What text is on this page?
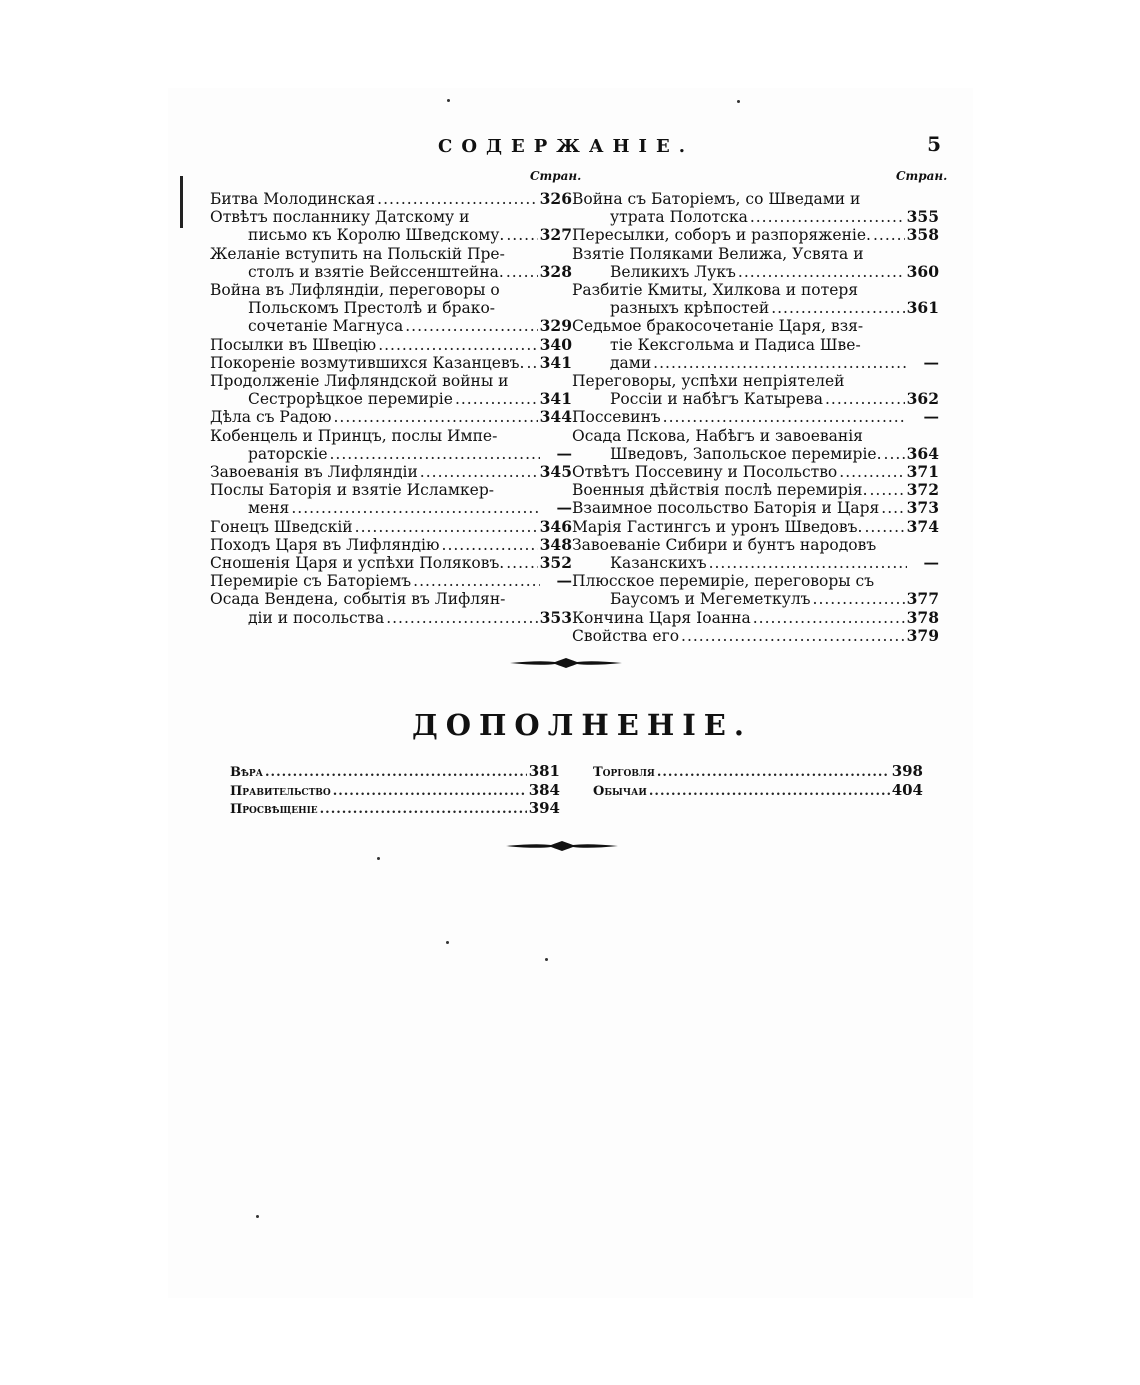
СОДЕРЖАНІЕ.	5
Стран.	Стран.
Битва Молодинская .....	326
Отвѣтъ посланнику Датскому и
письмо къ Королю Шведскому. ..... 327
Желаніе вступить на Польскій Пре-
столъ и взятіе Вейссенштейна. ..... 328
Война въ Лифляндіи, переговоры о
Польскомъ Престолѣ и брако-
сочетаніе Магнуса .....	329
Посылки въ Швецію .....	340
Покореніе возмутившихся Казанцевъ. ..... 341
Продолженіе Лифляндской войны и
Сестрорѣцкое перемиріе .....	341
Дѣла съ Радою .....	344
Кобенцель и Принцъ, послы Импе-
раторскіе .....	—
Завоеванія въ Лифляндіи .....	345
Послы Баторія и взятіе Исламкер-
меня .....	—
Гонецъ Шведскій .....	346
Походъ Царя въ Лифляндію .....	348
Сношенія Царя и успѣхи Поляковъ. ..... 352
Перемиріе съ Баторіемъ .....	—
Осада Вендена, событія въ Лифлян-
діи и посольства .....	353
Война съ Баторіемъ, со Шведами и
утрата Полотска .....	355
Пересылки, соборъ и разпоряженіе. ..... 358
Взятіе Поляками Велижа, Усвята и
Великихъ Лукъ .....	360
Разбитіе Кмиты, Хилкова и потеря
разныхъ крѣпостей .....	361
Седьмое бракосочетаніе Царя, взя-
тіе Кексгольма и Падиса Шве-
дами .....	—
Переговоры, успѣхи непріятелей
Россіи и набѣгъ Катырева .....	362
Поссевинъ .....	—
Осада Пскова, Набѣгъ и завоеванія
Шведовъ, Запольское перемиріе. ..... 364
Отвѣтъ Поссевину и Посольство .....	371
Военныя дѣйствія послѣ перемирія. .....	372
Взаимное посольство Баторія и Царя ..... 373
Марія Гастингсъ и уронъ Шведовъ. .....	374
Завоеваніе Сибири и бунтъ народовъ
Казанскихъ .....	—
Плюсское перемиріе, переговоры съ
Баусомъ и Мегеметкулъ .....	377
Кончина Царя Іоанна .....	378
Свойства его .....	379
ДОПОЛНЕНІЕ.
Вѣра .....	381
Правительство .....	384
Просвѣщеніе .....	394
Торговля .....	398
Обычаи .....	404
